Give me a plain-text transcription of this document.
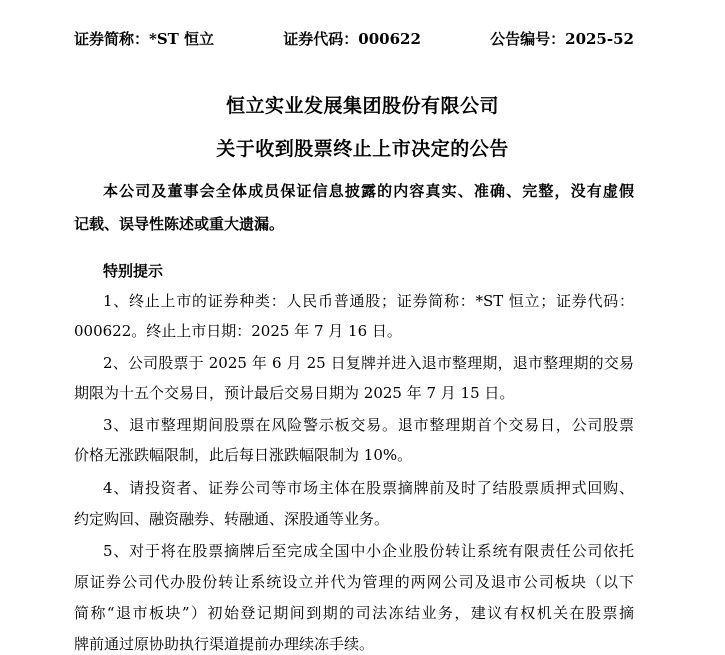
证券简称：*ST 恒立	证券代码：000622	公告编号：2025-52
恒立实业发展集团股份有限公司
关于收到股票终止上市决定的公告
本公司及董事会全体成员保证信息披露的内容真实、准确、完整，没有虚假
记载、误导性陈述或重大遗漏。
特别提示
1、终止上市的证券种类：人民币普通股；证券简称：*ST 恒立；证券代码：
000622。终止上市日期：2025 年 7 月 16 日。
2、公司股票于 2025 年 6 月 25 日复牌并进入退市整理期，退市整理期的交易
期限为十五个交易日，预计最后交易日期为 2025 年 7 月 15 日。
3、退市整理期间股票在风险警示板交易。退市整理期首个交易日，公司股票
价格无涨跌幅限制，此后每日涨跌幅限制为 10%。
4、请投资者、证券公司等市场主体在股票摘牌前及时了结股票质押式回购、
约定购回、融资融券、转融通、深股通等业务。
5、对于将在股票摘牌后至完成全国中小企业股份转让系统有限责任公司依托
原证券公司代办股份转让系统设立并代为管理的两网公司及退市公司板块（以下
简称“退市板块”）初始登记期间到期的司法冻结业务，建议有权机关在股票摘
牌前通过原协助执行渠道提前办理续冻手续。
